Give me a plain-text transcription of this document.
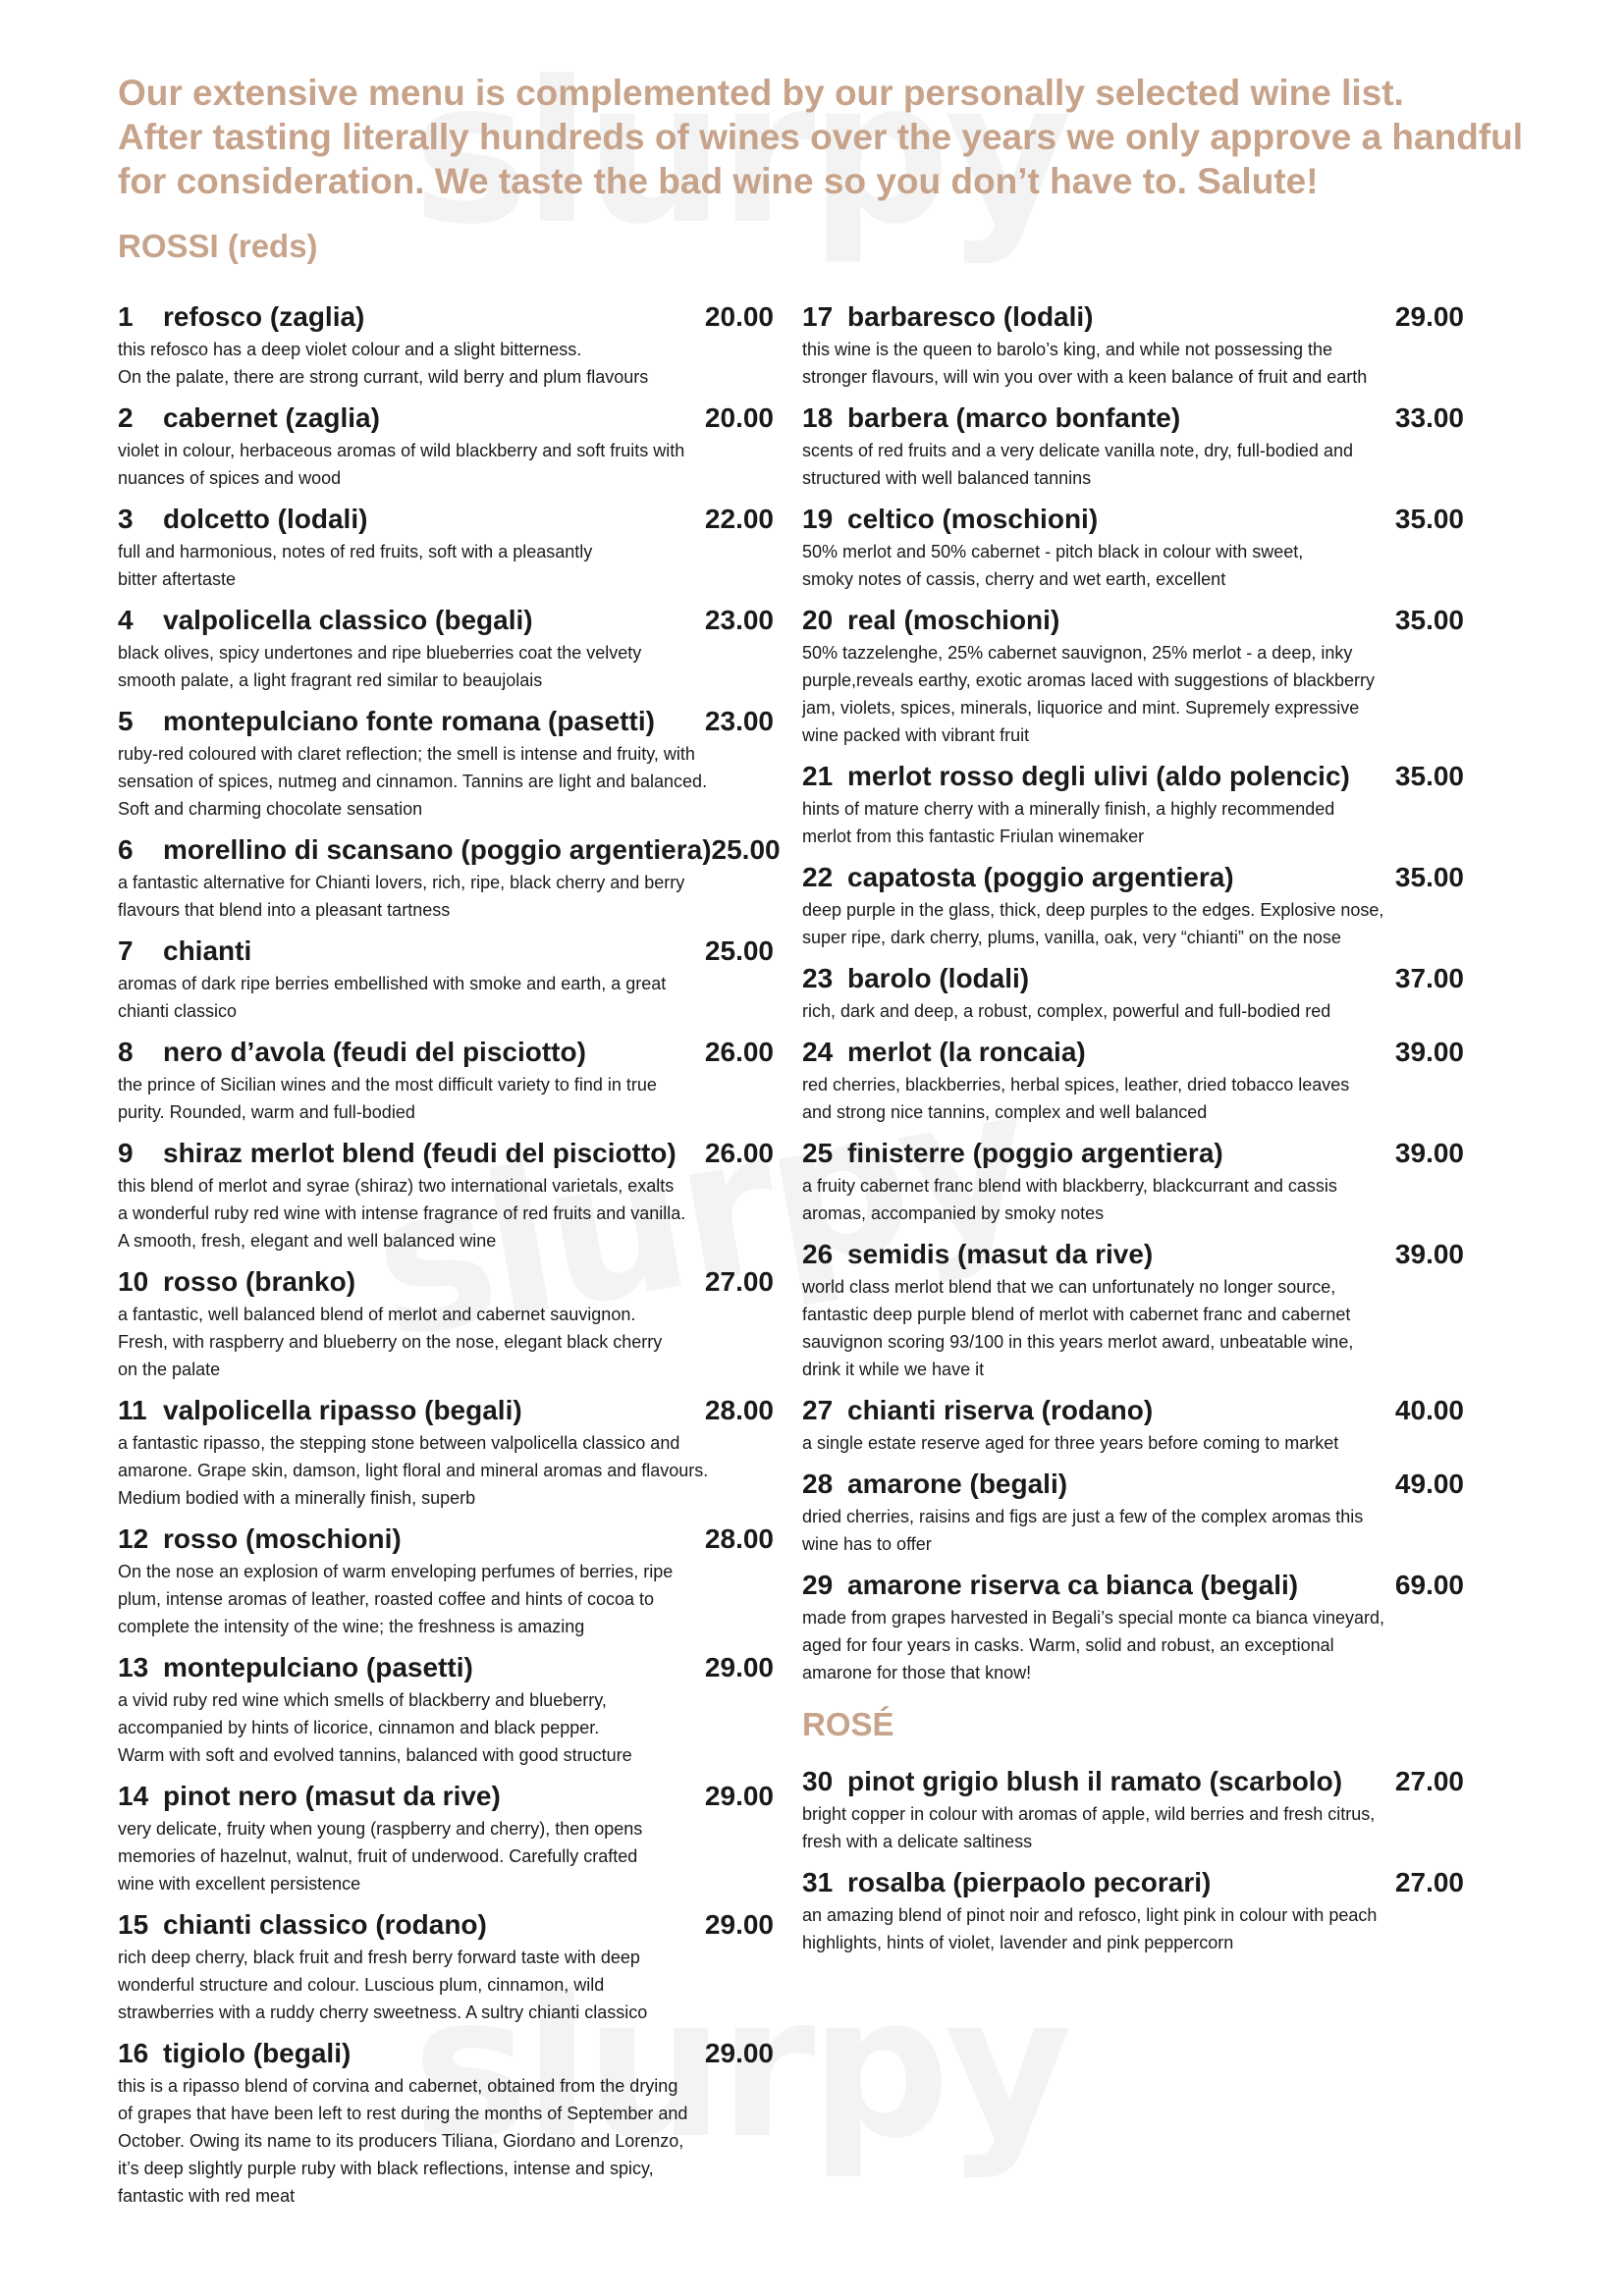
Our extensive menu is complemented by our personally selected wine list.
After tasting literally hundreds of wines over the years we only approve a handful
for consideration. We taste the bad wine so you don’t have to. Salute!
ROSSI (reds)
ROSÉ
1	refosco (zaglia)	20.00
this refosco has a deep violet colour and a slight bitterness.
On the palate, there are strong currant, wild berry and plum flavours
2	cabernet (zaglia)	20.00
violet in colour, herbaceous aromas of wild blackberry and soft fruits with
nuances of spices and wood
3	dolcetto (lodali)	22.00
full and harmonious, notes of red fruits, soft with a pleasantly
bitter aftertaste
4	valpolicella classico (begali)	23.00
black olives, spicy undertones and ripe blueberries coat the velvety
smooth palate, a light fragrant red similar to beaujolais
5	montepulciano fonte romana (pasetti) 23.00
ruby-red coloured with claret reflection; the smell is intense and fruity, with
sensation of spices, nutmeg and cinnamon. Tannins are light and balanced.
Soft and charming chocolate sensation
6	morellino di scansano (poggio argentiera) 25.00
a fantastic alternative for Chianti lovers, rich, ripe, black cherry and berry
flavours that blend into a pleasant tartness
7	chianti	25.00
aromas of dark ripe berries embellished with smoke and earth, a great
chianti classico
8	nero d’avola (feudi del pisciotto)	26.00
the prince of Sicilian wines and the most difficult variety to find in true
purity. Rounded, warm and full-bodied
9	shiraz merlot blend (feudi del pisciotto) 26.00
this blend of merlot and syrae (shiraz) two international varietals, exalts
a wonderful ruby red wine with intense fragrance of red fruits and vanilla.
A smooth, fresh, elegant and well balanced wine
10 rosso (branko)	27.00
a fantastic, well balanced blend of merlot and cabernet sauvignon.
Fresh, with raspberry and blueberry on the nose, elegant black cherry
on the palate
11 valpolicella ripasso (begali)	28.00
a fantastic ripasso, the stepping stone between valpolicella classico and
amarone. Grape skin, damson, light floral and mineral aromas and flavours.
Medium bodied with a minerally finish, superb
12 rosso (moschioni)	28.00
On the nose an explosion of warm enveloping perfumes of berries, ripe
plum, intense aromas of leather, roasted coffee and hints of cocoa to
complete the intensity of the wine; the freshness is amazing
13 montepulciano (pasetti)	29.00
a vivid ruby red wine which smells of blackberry and blueberry,
accompanied by hints of licorice, cinnamon and black pepper.
Warm with soft and evolved tannins, balanced with good structure
14 pinot nero (masut da rive)	29.00
very delicate, fruity when young (raspberry and cherry), then opens
memories of hazelnut, walnut, fruit of underwood. Carefully crafted
wine with excellent persistence
15 chianti classico (rodano)	29.00
rich deep cherry, black fruit and fresh berry forward taste with deep
wonderful structure and colour. Luscious plum, cinnamon, wild
strawberries with a ruddy cherry sweetness. A sultry chianti classico
16 tigiolo (begali)	29.00
this is a ripasso blend of corvina and cabernet, obtained from the drying
of grapes that have been left to rest during the months of September and
October. Owing its name to its producers Tiliana, Giordano and Lorenzo,
it’s deep slightly purple ruby with black reflections, intense and spicy,
fantastic with red meat
17 barbaresco (lodali)	29.00
this wine is the queen to barolo’s king, and while not possessing the
stronger flavours, will win you over with a keen balance of fruit and earth
18 barbera (marco bonfante)	33.00
scents of red fruits and a very delicate vanilla note, dry, full-bodied and
structured with well balanced tannins
19 celtico (moschioni)	35.00
50% merlot and 50% cabernet - pitch black in colour with sweet,
smoky notes of cassis, cherry and wet earth, excellent
20 real (moschioni)	35.00
50% tazzelenghe, 25% cabernet sauvignon, 25% merlot - a deep, inky
purple,reveals earthy, exotic aromas laced with suggestions of blackberry
jam, violets, spices, minerals, liquorice and mint. Supremely expressive
wine packed with vibrant fruit
21 merlot rosso degli ulivi (aldo polencic) 35.00
hints of mature cherry with a minerally finish, a highly recommended
merlot from this fantastic Friulan winemaker
22 capatosta (poggio argentiera)	35.00
deep purple in the glass, thick, deep purples to the edges. Explosive nose,
super ripe, dark cherry, plums, vanilla, oak, very “chianti” on the nose
23 barolo (lodali)	37.00
rich, dark and deep, a robust, complex, powerful and full-bodied red
24 merlot (la roncaia)	39.00
red cherries, blackberries, herbal spices, leather, dried tobacco leaves
and strong nice tannins, complex and well balanced
25 finisterre (poggio argentiera)	39.00
a fruity cabernet franc blend with blackberry, blackcurrant and cassis
aromas, accompanied by smoky notes
26 semidis (masut da rive)	39.00
world class merlot blend that we can unfortunately no longer source,
fantastic deep purple blend of merlot with cabernet franc and cabernet
sauvignon scoring 93/100 in this years merlot award, unbeatable wine,
drink it while we have it
27 chianti riserva (rodano)	40.00
a single estate reserve aged for three years before coming to market
28 amarone (begali)	49.00
dried cherries, raisins and figs are just a few of the complex aromas this
wine has to offer
29 amarone riserva ca bianca (begali)	69.00
made from grapes harvested in Begali’s special monte ca bianca vineyard,
aged for four years in casks. Warm, solid and robust, an exceptional
amarone for those that know!
30 pinot grigio blush il ramato (scarbolo) 27.00
bright copper in colour with aromas of apple, wild berries and fresh citrus,
fresh with a delicate saltiness
31 rosalba (pierpaolo pecorari)	27.00
an amazing blend of pinot noir and refosco, light pink in colour with peach
highlights, hints of violet, lavender and pink peppercorn
